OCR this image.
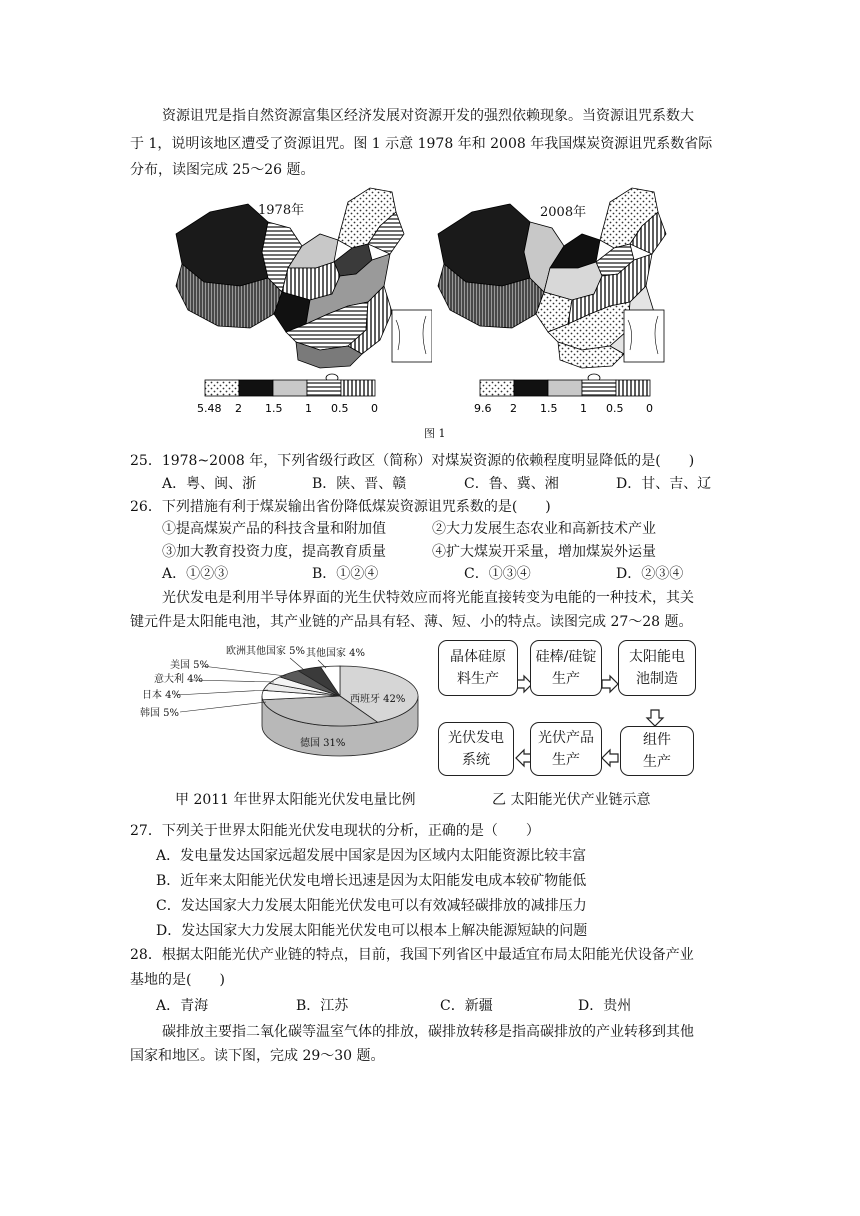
资源诅咒是指自然资源富集区经济发展对资源开发的强烈依赖现象。当资源诅咒系数大
于 1，说明该地区遭受了资源诅咒。图 1 示意 1978 年和 2008 年我国煤炭资源诅咒系数省际
分布，读图完成 25～26 题。
1978年	2008年
5.48 2 1.5 1 0.5 0	9.6 2 1.5 1 0.5 0
图 1
25．1978~2008 年，下列省级行政区（简称）对煤炭资源的依赖程度明显降低的是(　　)
A．粤、闽、浙	B．陕、晋、赣	C．鲁、冀、湘	D．甘、吉、辽
26．下列措施有利于煤炭输出省份降低煤炭资源诅咒系数的是(　　)
①提高煤炭产品的科技含量和附加值	②大力发展生态农业和高新技术产业
③加大教育投资力度，提高教育质量	④扩大煤炭开采量，增加煤炭外运量
A．①②③	B．①②④	C．①③④	D．②③④
光伏发电是利用半导体界面的光生伏特效应而将光能直接转变为电能的一种技术，其关
键元件是太阳能电池，其产业链的产品具有轻、薄、短、小的特点。读图完成 27～28 题。
西班牙 42%
德国 31%
韩国 5%
日本 4%
意大利 4%
美国 5%
欧洲其他国家 5% 其他国家 4%
甲 2011 年世界太阳能光伏发电量比例
晶体硅原
料生产
硅棒/硅锭
生产
太阳能电
池制造
组件
生产
光伏产品
生产
光伏发电
系统
乙 太阳能光伏产业链示意
27．下列关于世界太阳能光伏发电现状的分析，正确的是（　　）
A．发电量发达国家远超发展中国家是因为区域内太阳能资源比较丰富
B．近年来太阳能光伏发电增长迅速是因为太阳能发电成本较矿物能低
C．发达国家大力发展太阳能光伏发电可以有效减轻碳排放的减排压力
D．发达国家大力发展太阳能光伏发电可以根本上解决能源短缺的问题
28．根据太阳能光伏产业链的特点，目前，我国下列省区中最适宜布局太阳能光伏设备产业
基地的是(　　)
A．青海	B．江苏	C．新疆	D．贵州
碳排放主要指二氧化碳等温室气体的排放，碳排放转移是指高碳排放的产业转移到其他
国家和地区。读下图，完成 29～30 题。
